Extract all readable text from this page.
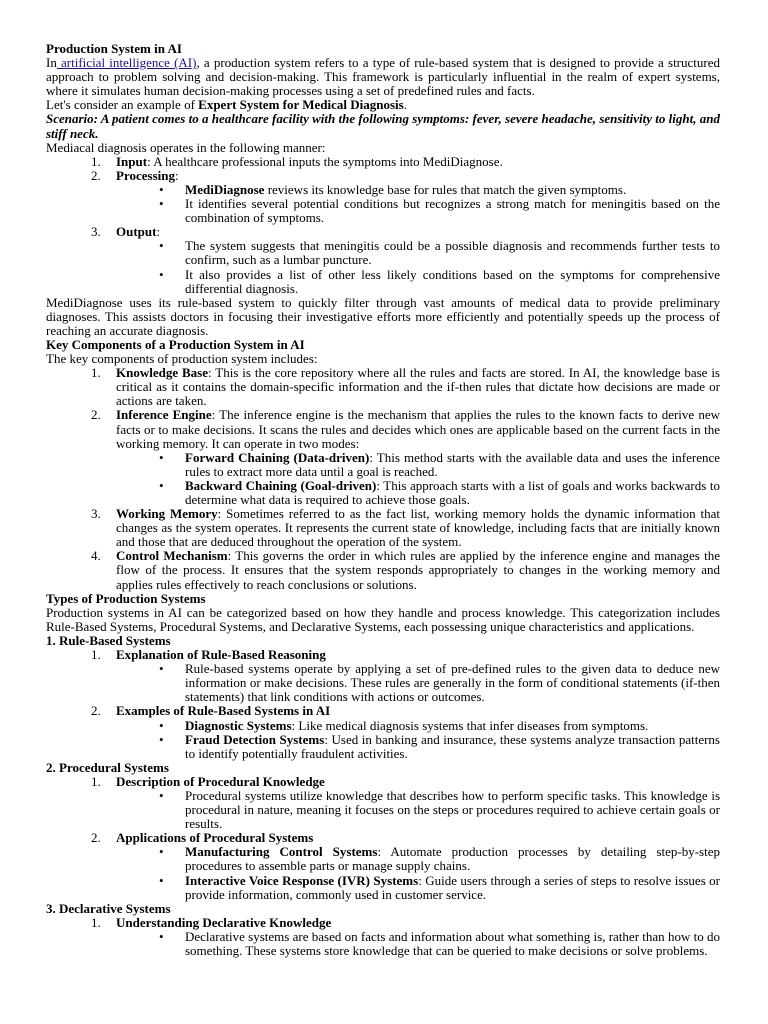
Production System in AI

In artificial intelligence (AI), a production system refers to a type of rule-based system that is designed to provide a structured approach to problem solving and decision-making. This framework is particularly influential in the realm of expert systems, where it simulates human decision-making processes using a set of predefined rules and facts.

Let's consider an example of Expert System for Medical Diagnosis.

Scenario: A patient comes to a healthcare facility with the following symptoms: fever, severe headache, sensitivity to light, and stiff neck.

Mediacal diagnosis operates in the following manner:

1. Input: A healthcare professional inputs the symptoms into MediDiagnose.
2. Processing:
• MediDiagnose reviews its knowledge base for rules that match the given symptoms.
• It identifies several potential conditions but recognizes a strong match for meningitis based on the combination of symptoms.
3. Output:
• The system suggests that meningitis could be a possible diagnosis and recommends further tests to confirm, such as a lumbar puncture.
• It also provides a list of other less likely conditions based on the symptoms for comprehensive differential diagnosis.

MediDiagnose uses its rule-based system to quickly filter through vast amounts of medical data to provide preliminary diagnoses. This assists doctors in focusing their investigative efforts more efficiently and potentially speeds up the process of reaching an accurate diagnosis.

Key Components of a Production System in AI

The key components of production system includes:

1. Knowledge Base: This is the core repository where all the rules and facts are stored. In AI, the knowledge base is critical as it contains the domain-specific information and the if-then rules that dictate how decisions are made or actions are taken.
2. Inference Engine: The inference engine is the mechanism that applies the rules to the known facts to derive new facts or to make decisions. It scans the rules and decides which ones are applicable based on the current facts in the working memory. It can operate in two modes:
• Forward Chaining (Data-driven): This method starts with the available data and uses the inference rules to extract more data until a goal is reached.
• Backward Chaining (Goal-driven): This approach starts with a list of goals and works backwards to determine what data is required to achieve those goals.
3. Working Memory: Sometimes referred to as the fact list, working memory holds the dynamic information that changes as the system operates. It represents the current state of knowledge, including facts that are initially known and those that are deduced throughout the operation of the system.
4. Control Mechanism: This governs the order in which rules are applied by the inference engine and manages the flow of the process. It ensures that the system responds appropriately to changes in the working memory and applies rules effectively to reach conclusions or solutions.

Types of Production Systems

Production systems in AI can be categorized based on how they handle and process knowledge. This categorization includes Rule-Based Systems, Procedural Systems, and Declarative Systems, each possessing unique characteristics and applications.

1. Rule-Based Systems

1. Explanation of Rule-Based Reasoning
• Rule-based systems operate by applying a set of pre-defined rules to the given data to deduce new information or make decisions. These rules are generally in the form of conditional statements (if-then statements) that link conditions with actions or outcomes.
2. Examples of Rule-Based Systems in AI
• Diagnostic Systems: Like medical diagnosis systems that infer diseases from symptoms.
• Fraud Detection Systems: Used in banking and insurance, these systems analyze transaction patterns to identify potentially fraudulent activities.

2. Procedural Systems

1. Description of Procedural Knowledge
• Procedural systems utilize knowledge that describes how to perform specific tasks. This knowledge is procedural in nature, meaning it focuses on the steps or procedures required to achieve certain goals or results.
2. Applications of Procedural Systems
• Manufacturing Control Systems: Automate production processes by detailing step-by-step procedures to assemble parts or manage supply chains.
• Interactive Voice Response (IVR) Systems: Guide users through a series of steps to resolve issues or provide information, commonly used in customer service.

3. Declarative Systems

1. Understanding Declarative Knowledge
• Declarative systems are based on facts and information about what something is, rather than how to do something. These systems store knowledge that can be queried to make decisions or solve problems.
